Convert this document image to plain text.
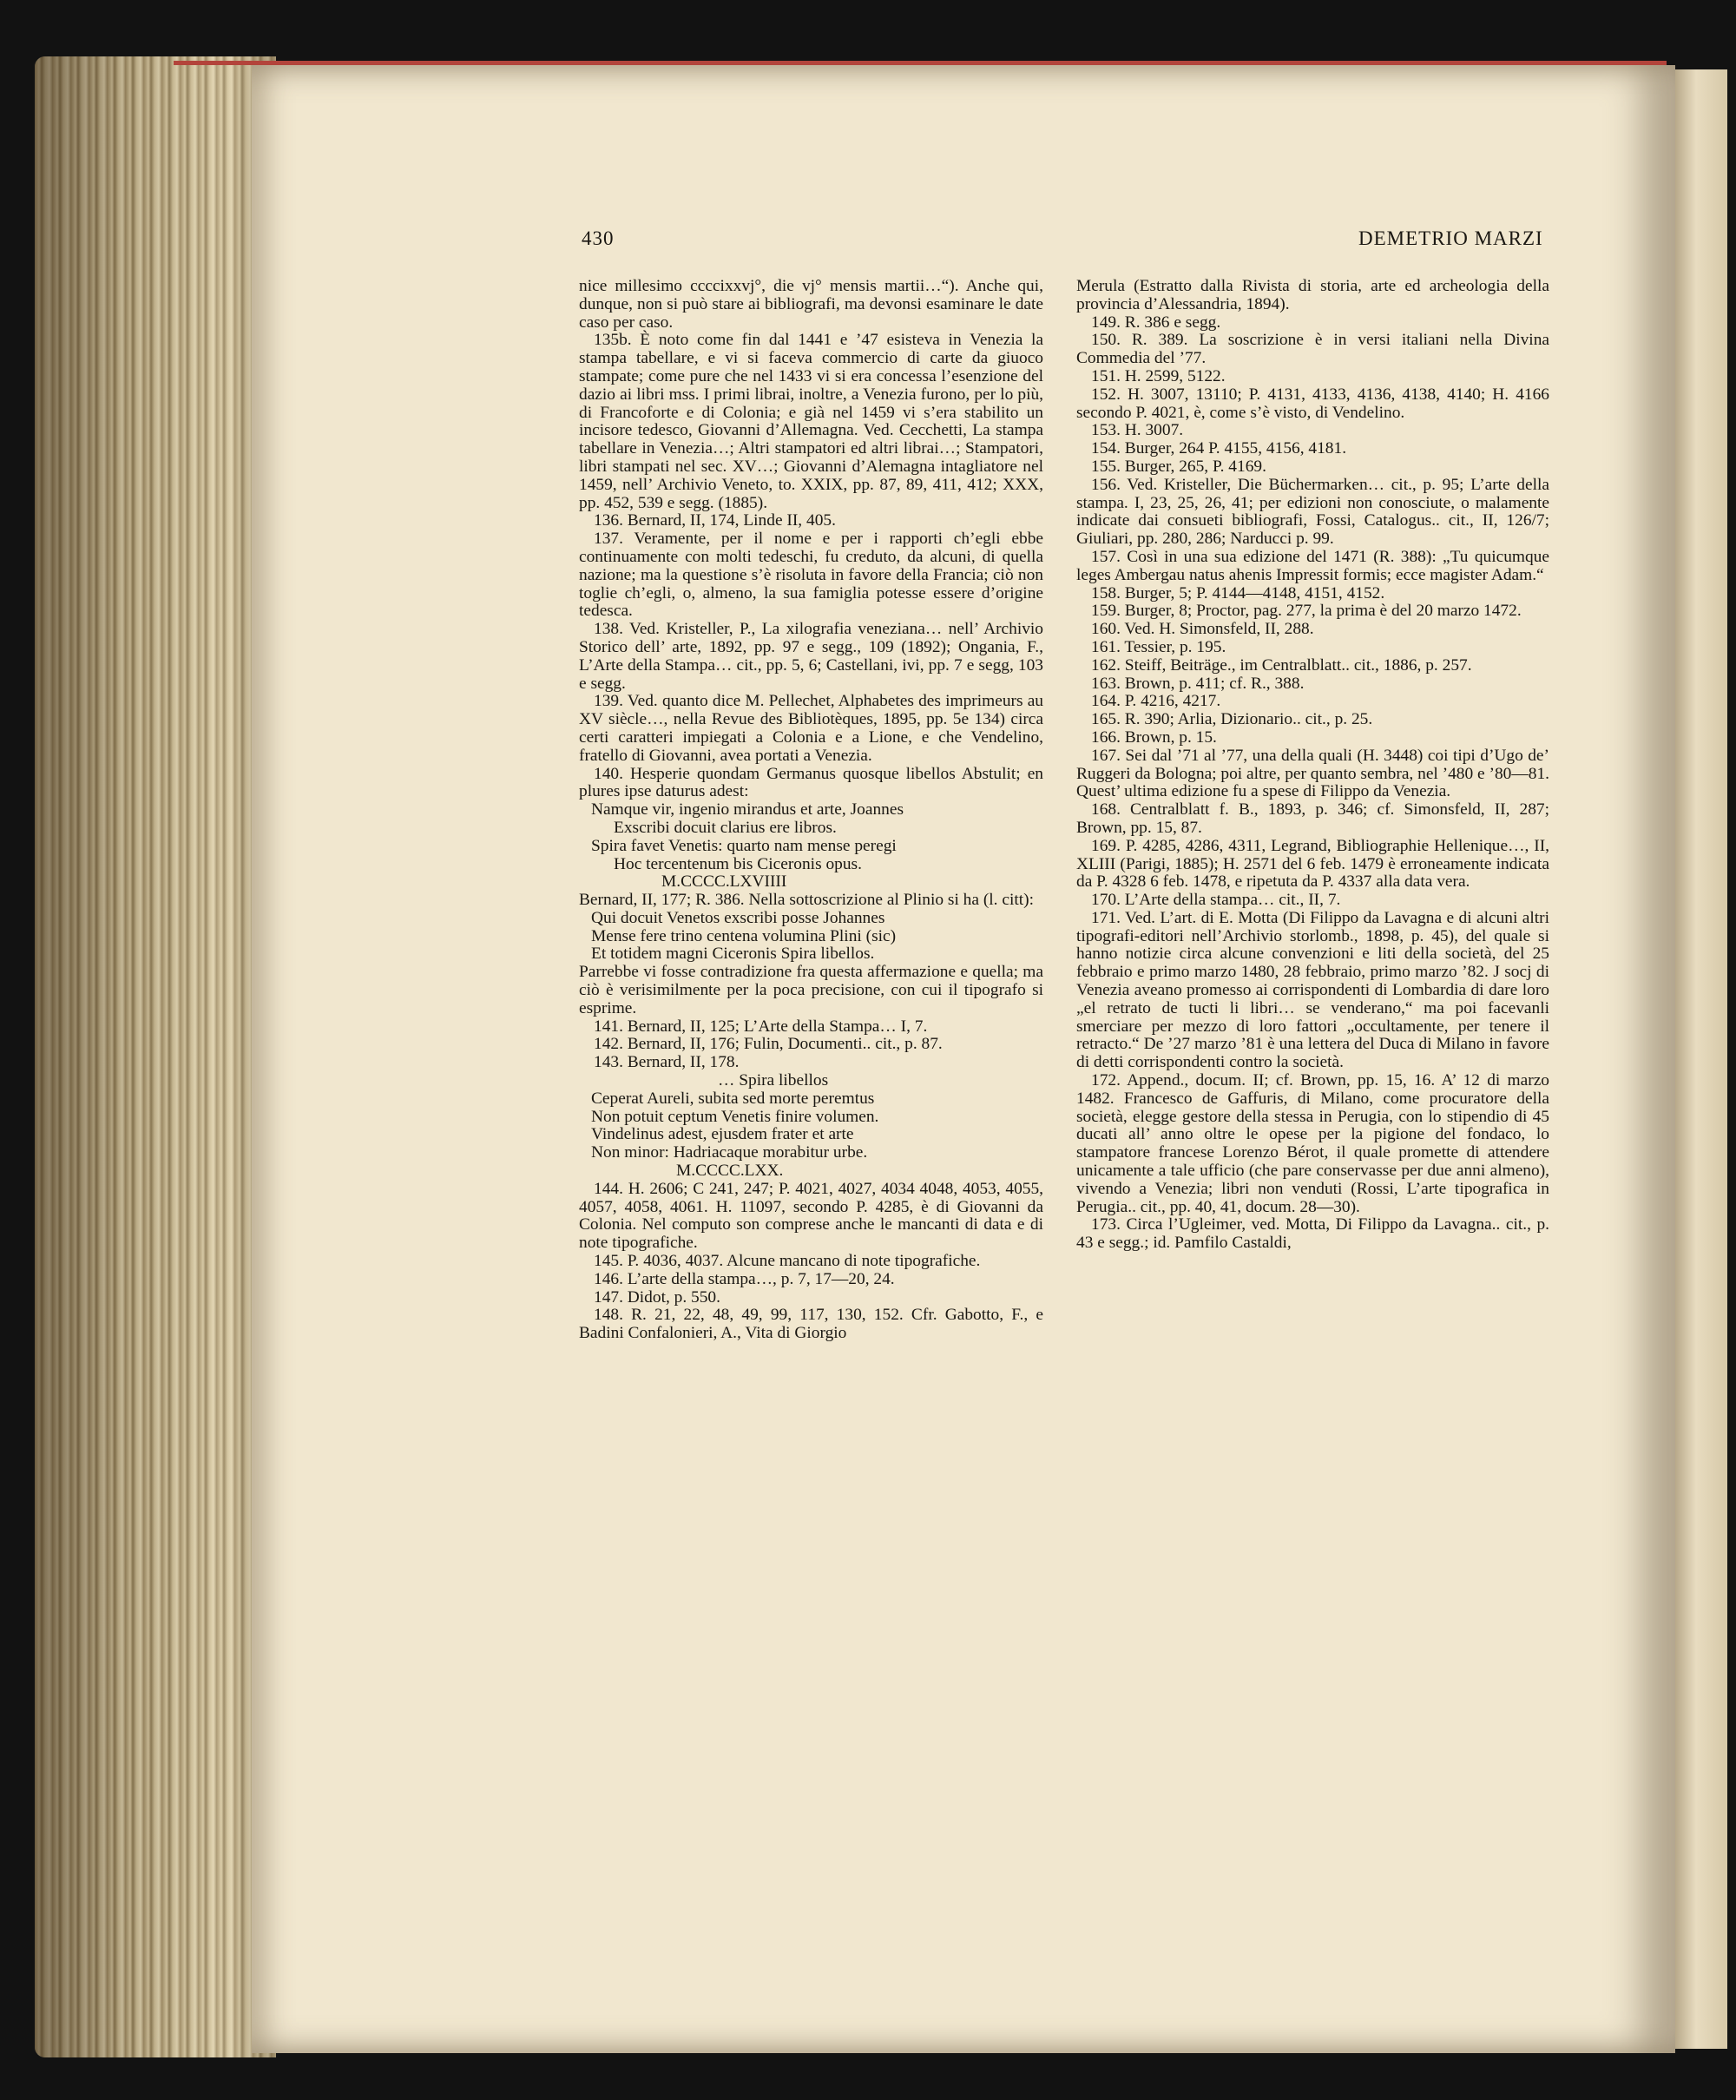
430	DEMETRIO MARZI

nice millesimo ccccixxvj°, die vj° mensis martii…“). Anche qui, dunque, non si può stare ai bibliografi, ma devonsi esaminare le date caso per caso.

135b. È noto come fin dal 1441 e ’47 esisteva in Venezia la stampa tabellare, e vi si faceva commercio di carte da giuoco stampate; come pure che nel 1433 vi si era concessa l’esenzione del dazio ai libri mss. I primi librai, inoltre, a Venezia furono, per lo più, di Francoforte e di Colonia; e già nel 1459 vi s’era stabilito un incisore tedesco, Giovanni d’Allemagna. Ved. Cecchetti, La stampa tabellare in Venezia…; Altri stampatori ed altri librai…; Stampatori, libri stampati nel sec. XV…; Giovanni d’Alemagna intagliatore nel 1459, nell’ Archivio Veneto, to. XXIX, pp. 87, 89, 411, 412; XXX, pp. 452, 539 e segg. (1885).

136. Bernard, II, 174, Linde II, 405.

137. Veramente, per il nome e per i rapporti ch’egli ebbe continuamente con molti tedeschi, fu creduto, da alcuni, di quella nazione; ma la questione s’è risoluta in favore della Francia; ciò non toglie ch’egli, o, almeno, la sua famiglia potesse essere d’origine tedesca.

138. Ved. Kristeller, P., La xilografia veneziana… nell’ Archivio Storico dell’ arte, 1892, pp. 97 e segg., 109 (1892); Ongania, F., L’Arte della Stampa… cit., pp. 5, 6; Castellani, ivi, pp. 7 e segg, 103 e segg.

139. Ved. quanto dice M. Pellechet, Alphabetes des imprimeurs au XV siècle…, nella Revue des Bibliotèques, 1895, pp. 5e 134) circa certi caratteri impiegati a Colonia e a Lione, e che Vendelino, fratello di Giovanni, avea portati a Venezia.

140. Hesperie quondam Germanus quosque libellos Abstulit; en plures ipse daturus adest:

Namque vir, ingenio mirandus et arte, Joannes

Exscribi docuit clarius ere libros.

Spira favet Venetis: quarto nam mense peregi

Hoc tercentenum bis Ciceronis opus.

M.CCCC.LXVIIII

Bernard, II, 177; R. 386. Nella sottoscrizione al Plinio si ha (l. citt):

Qui docuit Venetos exscribi posse Johannes

Mense fere trino centena volumina Plini (sic)

Et totidem magni Ciceronis Spira libellos.

Parrebbe vi fosse contradizione fra questa affermazione e quella; ma ciò è verisimilmente per la poca precisione, con cui il tipografo si esprime.

141. Bernard, II, 125; L’Arte della Stampa… I, 7.

142. Bernard, II, 176; Fulin, Documenti.. cit., p. 87.

143. Bernard, II, 178.

… Spira libellos

Ceperat Aureli, subita sed morte peremtus

Non potuit ceptum Venetis finire volumen.

Vindelinus adest, ejusdem frater et arte

Non minor: Hadriacaque morabitur urbe.

M.CCCC.LXX.

144. H. 2606; C 241, 247; P. 4021, 4027, 4034 4048, 4053, 4055, 4057, 4058, 4061. H. 11097, secondo P. 4285, è di Giovanni da Colonia. Nel computo son comprese anche le mancanti di data e di note tipografiche.

145. P. 4036, 4037. Alcune mancano di note tipografiche.

146. L’arte della stampa…, p. 7, 17—20, 24.

147. Didot, p. 550.

148. R. 21, 22, 48, 49, 99, 117, 130, 152. Cfr. Gabotto, F., e Badini Confalonieri, A., Vita di Giorgio

Merula (Estratto dalla Rivista di storia, arte ed archeologia della provincia d’Alessandria, 1894).

149. R. 386 e segg.

150. R. 389. La soscrizione è in versi italiani nella Divina Commedia del ’77.

151. H. 2599, 5122.

152. H. 3007, 13110; P. 4131, 4133, 4136, 4138, 4140; H. 4166 secondo P. 4021, è, come s’è visto, di Vendelino.

153. H. 3007.

154. Burger, 264 P. 4155, 4156, 4181.

155. Burger, 265, P. 4169.

156. Ved. Kristeller, Die Büchermarken… cit., p. 95; L’arte della stampa. I, 23, 25, 26, 41; per edizioni non conosciute, o malamente indicate dai consueti bibliografi, Fossi, Catalogus.. cit., II, 126/7; Giuliari, pp. 280, 286; Narducci p. 99.

157. Così in una sua edizione del 1471 (R. 388): „Tu quicumque leges Ambergau natus ahenis Impressit formis; ecce magister Adam.“

158. Burger, 5; P. 4144—4148, 4151, 4152.

159. Burger, 8; Proctor, pag. 277, la prima è del 20 marzo 1472.

160. Ved. H. Simonsfeld, II, 288.

161. Tessier, p. 195.

162. Steiff, Beiträge., im Centralblatt.. cit., 1886, p. 257.

163. Brown, p. 411; cf. R., 388.

164. P. 4216, 4217.

165. R. 390; Arlia, Dizionario.. cit., p. 25.

166. Brown, p. 15.

167. Sei dal ’71 al ’77, una della quali (H. 3448) coi tipi d’Ugo de’ Ruggeri da Bologna; poi altre, per quanto sembra, nel ’480 e ’80—81. Quest’ ultima edizione fu a spese di Filippo da Venezia.

168. Centralblatt f. B., 1893, p. 346; cf. Simonsfeld, II, 287; Brown, pp. 15, 87.

169. P. 4285, 4286, 4311, Legrand, Bibliographie Hellenique…, II, XLIII (Parigi, 1885); H. 2571 del 6 feb. 1479 è erroneamente indicata da P. 4328 6 feb. 1478, e ripetuta da P. 4337 alla data vera.

170. L’Arte della stampa… cit., II, 7.

171. Ved. L’art. di E. Motta (Di Filippo da Lavagna e di alcuni altri tipografi-editori nell’Archivio storlomb., 1898, p. 45), del quale si hanno notizie circa alcune convenzioni e liti della società, del 25 febbraio e primo marzo 1480, 28 febbraio, primo marzo ’82. J socj di Venezia aveano promesso ai corrispondenti di Lombardia di dare loro „el retrato de tucti li libri… se venderano,“ ma poi facevanli smerciare per mezzo di loro fattori „occultamente, per tenere il retracto.“ De ’27 marzo ’81 è una lettera del Duca di Milano in favore di detti corrispondenti contro la società.

172. Append., docum. II; cf. Brown, pp. 15, 16. A’ 12 di marzo 1482. Francesco de Gaffuris, di Milano, come procuratore della società, elegge gestore della stessa in Perugia, con lo stipendio di 45 ducati all’ anno oltre le opese per la pigione del fondaco, lo stampatore francese Lorenzo Bérot, il quale promette di attendere unicamente a tale ufficio (che pare conservasse per due anni almeno), vivendo a Venezia; libri non venduti (Rossi, L’arte tipografica in Perugia.. cit., pp. 40, 41, docum. 28—30).

173. Circa l’Ugleimer, ved. Motta, Di Filippo da Lavagna.. cit., p. 43 e segg.; id. Pamfilo Castaldi,
